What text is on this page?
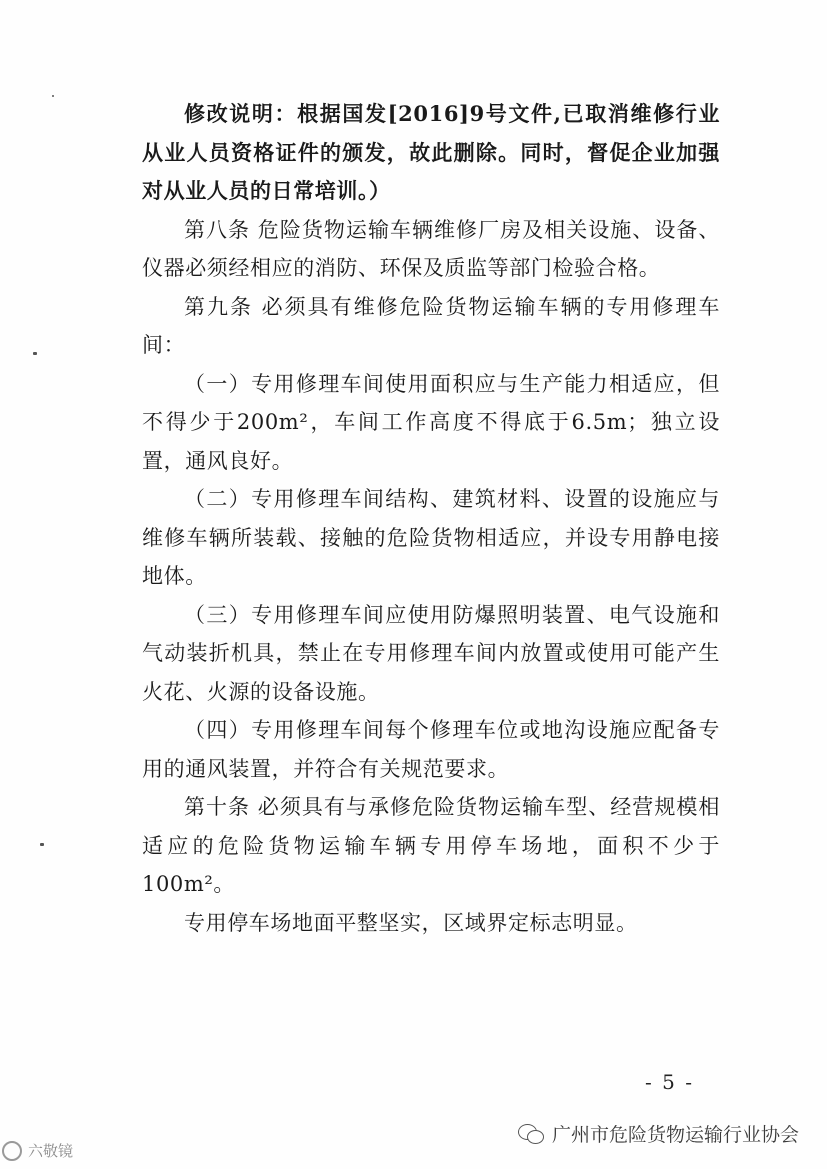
修改说明：根据国发[2016]9号文件,已取消维修行业从业人员资格证件的颁发，故此删除。同时，督促企业加强对从业人员的日常培训。）

第八条 危险货物运输车辆维修厂房及相关设施、设备、仪器必须经相应的消防、环保及质监等部门检验合格。

第九条 必须具有维修危险货物运输车辆的专用修理车间：

（一）专用修理车间使用面积应与生产能力相适应，但不得少于200m²，车间工作高度不得底于6.5m；独立设置，通风良好。

（二）专用修理车间结构、建筑材料、设置的设施应与维修车辆所装载、接触的危险货物相适应，并设专用静电接地体。

（三）专用修理车间应使用防爆照明装置、电气设施和气动装折机具，禁止在专用修理车间内放置或使用可能产生火花、火源的设备设施。

（四）专用修理车间每个修理车位或地沟设施应配备专用的通风装置，并符合有关规范要求。

第十条 必须具有与承修危险货物运输车型、经营规模相适应的危险货物运输车辆专用停车场地，面积不少于100m²。

专用停车场地面平整坚实，区域界定标志明显。

- 5 -
广州市危险货物运输行业协会
六敬镜
